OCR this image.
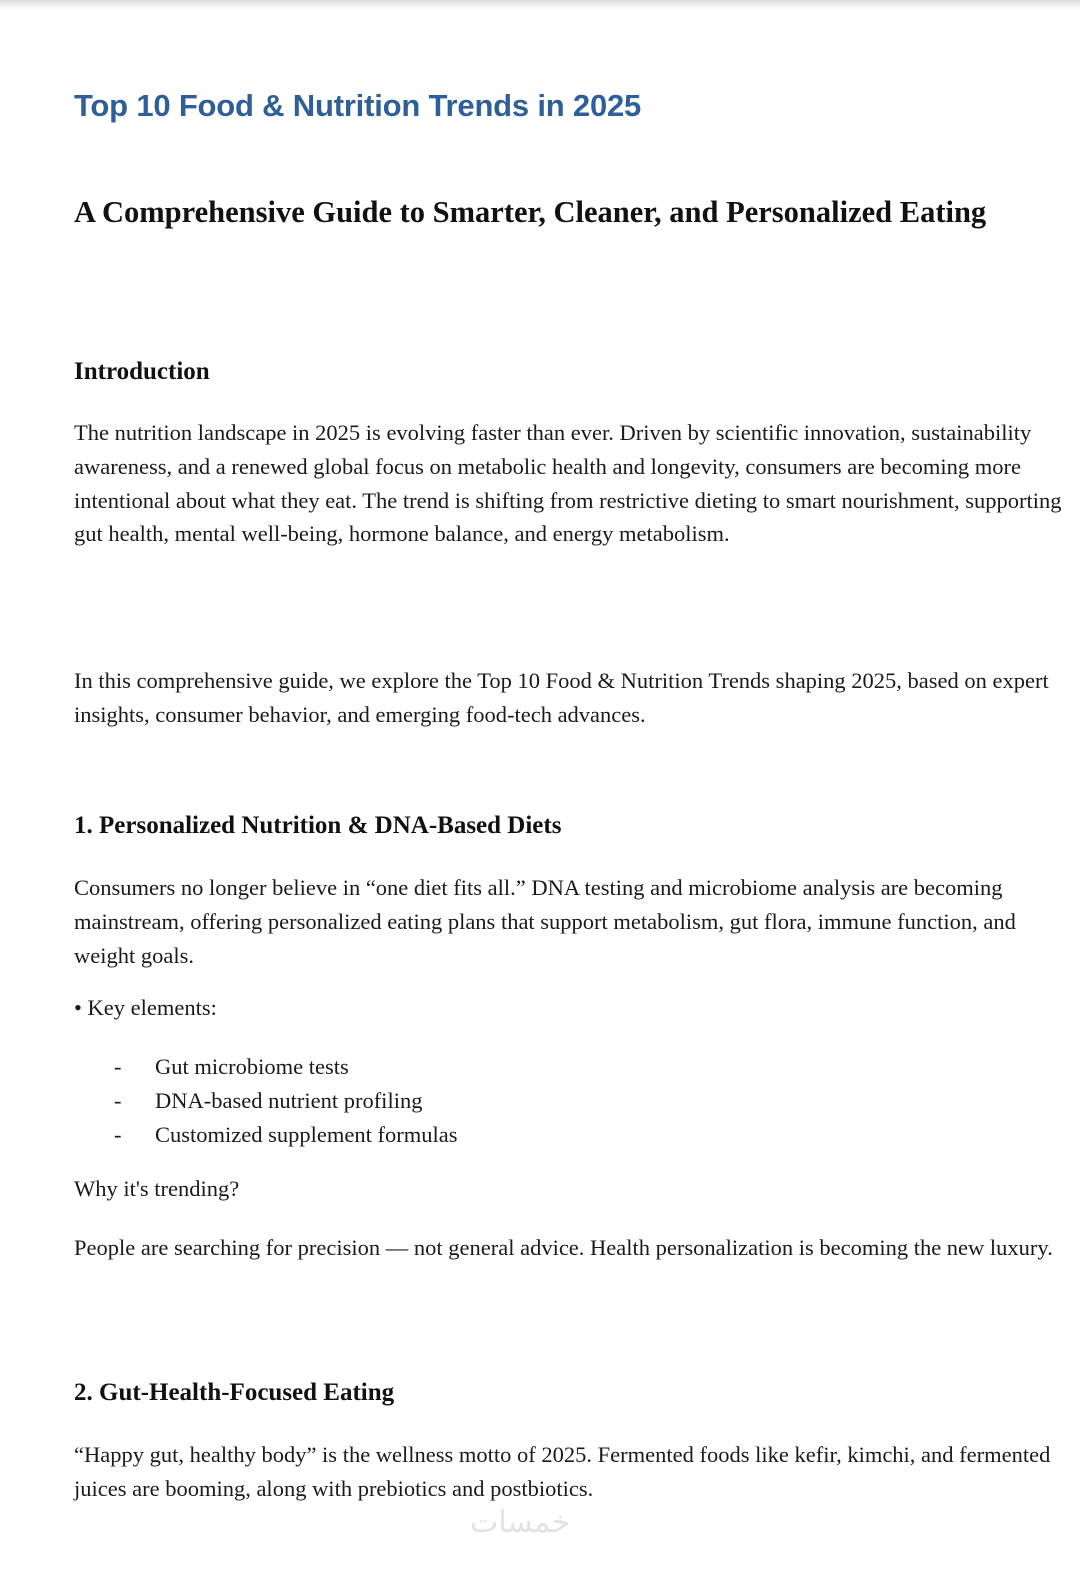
Top 10 Food & Nutrition Trends in 2025
A Comprehensive Guide to Smarter, Cleaner, and Personalized Eating
Introduction

The nutrition landscape in 2025 is evolving faster than ever. Driven by scientific innovation, sustainability awareness, and a renewed global focus on metabolic health and longevity, consumers are becoming more intentional about what they eat. The trend is shifting from restrictive dieting to smart nourishment, supporting gut health, mental well-being, hormone balance, and energy metabolism.

In this comprehensive guide, we explore the Top 10 Food & Nutrition Trends shaping 2025, based on expert insights, consumer behavior, and emerging food-tech advances.

1. Personalized Nutrition & DNA-Based Diets

Consumers no longer believe in “one diet fits all.” DNA testing and microbiome analysis are becoming mainstream, offering personalized eating plans that support metabolism, gut flora, immune function, and weight goals.

• Key elements:

-	Gut microbiome tests
-	DNA-based nutrient profiling
-	Customized supplement formulas

Why it's trending?

People are searching for precision — not general advice. Health personalization is becoming the new luxury.

2. Gut-Health-Focused Eating

“Happy gut, healthy body” is the wellness motto of 2025. Fermented foods like kefir, kimchi, and fermented juices are booming, along with prebiotics and postbiotics.

خمسات
